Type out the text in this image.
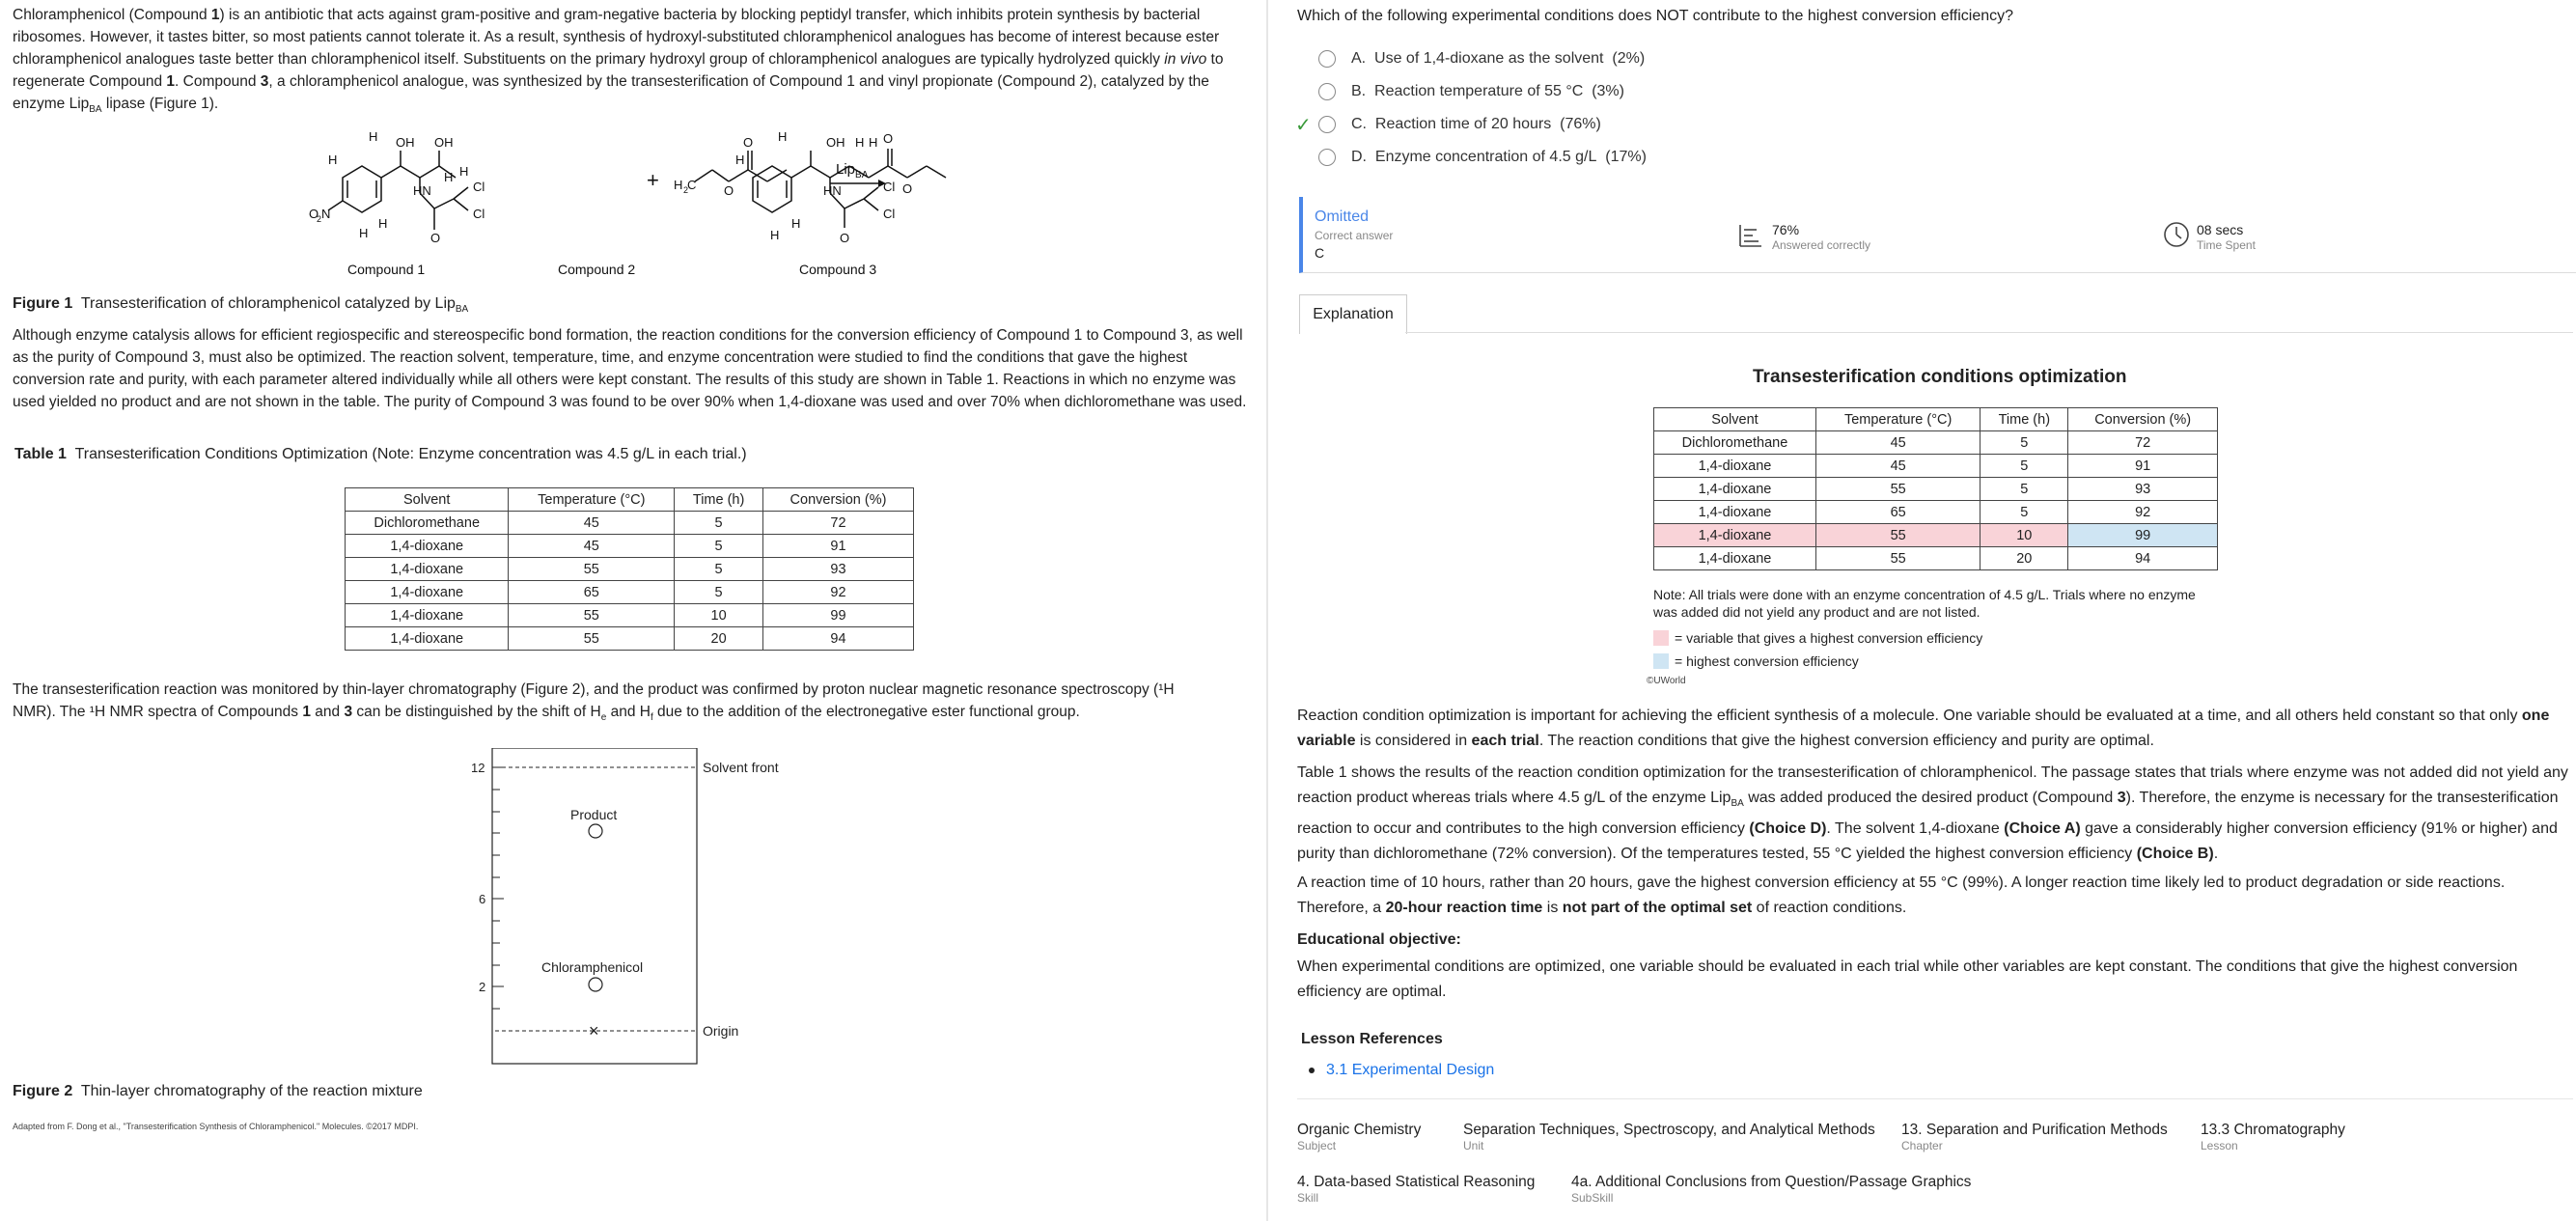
Chloramphenicol (Compound 1) is an antibiotic that acts against gram-positive and gram-negative bacteria by blocking peptidyl transfer, which inhibits protein synthesis by bacterial ribosomes. However, it tastes bitter, so most patients cannot tolerate it. As a result, synthesis of hydroxyl-substituted chloramphenicol analogues has become of interest because ester chloramphenicol analogues taste better than chloramphenicol itself. Substituents on the primary hydroxyl group of chloramphenicol analogues are typically hydrolyzed quickly in vivo to regenerate Compound 1. Compound 3, a chloramphenicol analogue, was synthesized by the transesterification of Compound 1 and vinyl propionate (Compound 2), catalyzed by the enzyme Lip$_{BA}$ lipase (Figure 1).
O
2 N
OH OH
HN
O
Cl
Cl
H
H
H
H
H
H	+ H 2
C O
O
Lip$_{BA}$
Compound 1	Compound 2	Compound 3
OH H H O
O
HN
O
Cl
Cl
H
H
H
H
Figure 1 Transesterification of chloramphenicol catalyzed by Lip$_{BA}$
Although enzyme catalysis allows for efficient regiospecific and stereospecific bond formation, the reaction conditions for the conversion efficiency of Compound 1 to Compound 3, as well as the purity of Compound 3, must also be optimized. The reaction solvent, temperature, time, and enzyme concentration were studied to find the conditions that gave the highest conversion rate and purity, with each parameter altered individually while all others were kept constant. The results of this study are shown in Table 1. Reactions in which no enzyme was used yielded no product and are not shown in the table. The purity of Compound 3 was found to be over 90% when 1,4-dioxane was used and over 70% when dichloromethane was used.
Table 1 Transesterification Conditions Optimization (Note: Enzyme concentration was 4.5 g/L in each trial.)
Solvent	Temperature (°C)	Time (h)	Conversion (%)
Dichloromethane	45	5	72
1,4-dioxane	45	5	91
1,4-dioxane	55	5	93
1,4-dioxane	65	5	92
1,4-dioxane	55	10	99
1,4-dioxane	55	20	94
The transesterification reaction was monitored by thin-layer chromatography (Figure 2), and the product was confirmed by proton nuclear magnetic resonance spectroscopy (¹H
NMR). The ¹H NMR spectra of Compounds 1 and 3 can be distinguished by the shift of $H_e$ and $H_f$ due to the addition of the electronegative ester functional group.
12
6
2
Solvent front
Origin
Product
Chloramphenicol
×
Figure 2 Thin-layer chromatography of the reaction mixture
Adapted from F. Dong et al., "Transesterification Synthesis of Chloramphenicol." Molecules. ©2017 MDPI.
Which of the following experimental conditions does NOT contribute to the highest conversion efficiency?
A.
Use of 1,4-dioxane as the solvent
(2%)
B.
Reaction temperature of 55 °C
(3%)
✓	C.
Reaction time of 20 hours
(76%)
D.
Enzyme concentration of 4.5 g/L
(17%)
Omitted
Correct answer
C
76%
Answered correctly
08 secs
Time Spent
Explanation
Transesterification conditions optimization
Solvent	Temperature (°C)	Time (h)	Conversion (%)
Dichloromethane	45	5	72
1,4-dioxane	45	5	91
1,4-dioxane	55	5	93
1,4-dioxane	65	5	92
1,4-dioxane	55	10	99
1,4-dioxane	55	20	94
Note: All trials were done with an enzyme concentration of 4.5 g/L. Trials where no enzyme was added did not yield any product and are not listed.
= variable that gives a highest conversion efficiency
= highest conversion efficiency
©UWorld
Reaction condition optimization is important for achieving the efficient synthesis of a molecule. One variable should be evaluated at a time, and all others held constant so that only one variable is considered in each trial. The reaction conditions that give the highest conversion efficiency and purity are optimal.
Table 1 shows the results of the reaction condition optimization for the transesterification of chloramphenicol. The passage states that trials where enzyme was not added did not yield any reaction product whereas trials where 4.5 g/L of the enzyme Lip$_{BA}$ was added produced the desired product (Compound 3). Therefore, the enzyme is necessary for the transesterification reaction to occur and contributes to the high conversion efficiency (Choice D). The solvent 1,4-dioxane (Choice A) gave a considerably higher conversion efficiency (91% or higher) and purity than dichloromethane (72% conversion). Of the temperatures tested, 55 °C yielded the highest conversion efficiency (Choice B).
A reaction time of 10 hours, rather than 20 hours, gave the highest conversion efficiency at 55 °C (99%). A longer reaction time likely led to product degradation or side reactions. Therefore, a 20-hour reaction time is not part of the optimal set of reaction conditions.
Educational objective:
When experimental conditions are optimized, one variable should be evaluated in each trial while other variables are kept constant. The conditions that give the highest conversion efficiency are optimal.
Lesson References
3.1 Experimental Design
Organic Chemistry
Subject
Separation Techniques, Spectroscopy, and Analytical Methods
Unit
13. Separation and Purification Methods
Chapter
13.3 Chromatography
Lesson
4. Data-based Statistical Reasoning
Skill
4a. Additional Conclusions from Question/Passage Graphics
SubSkill
